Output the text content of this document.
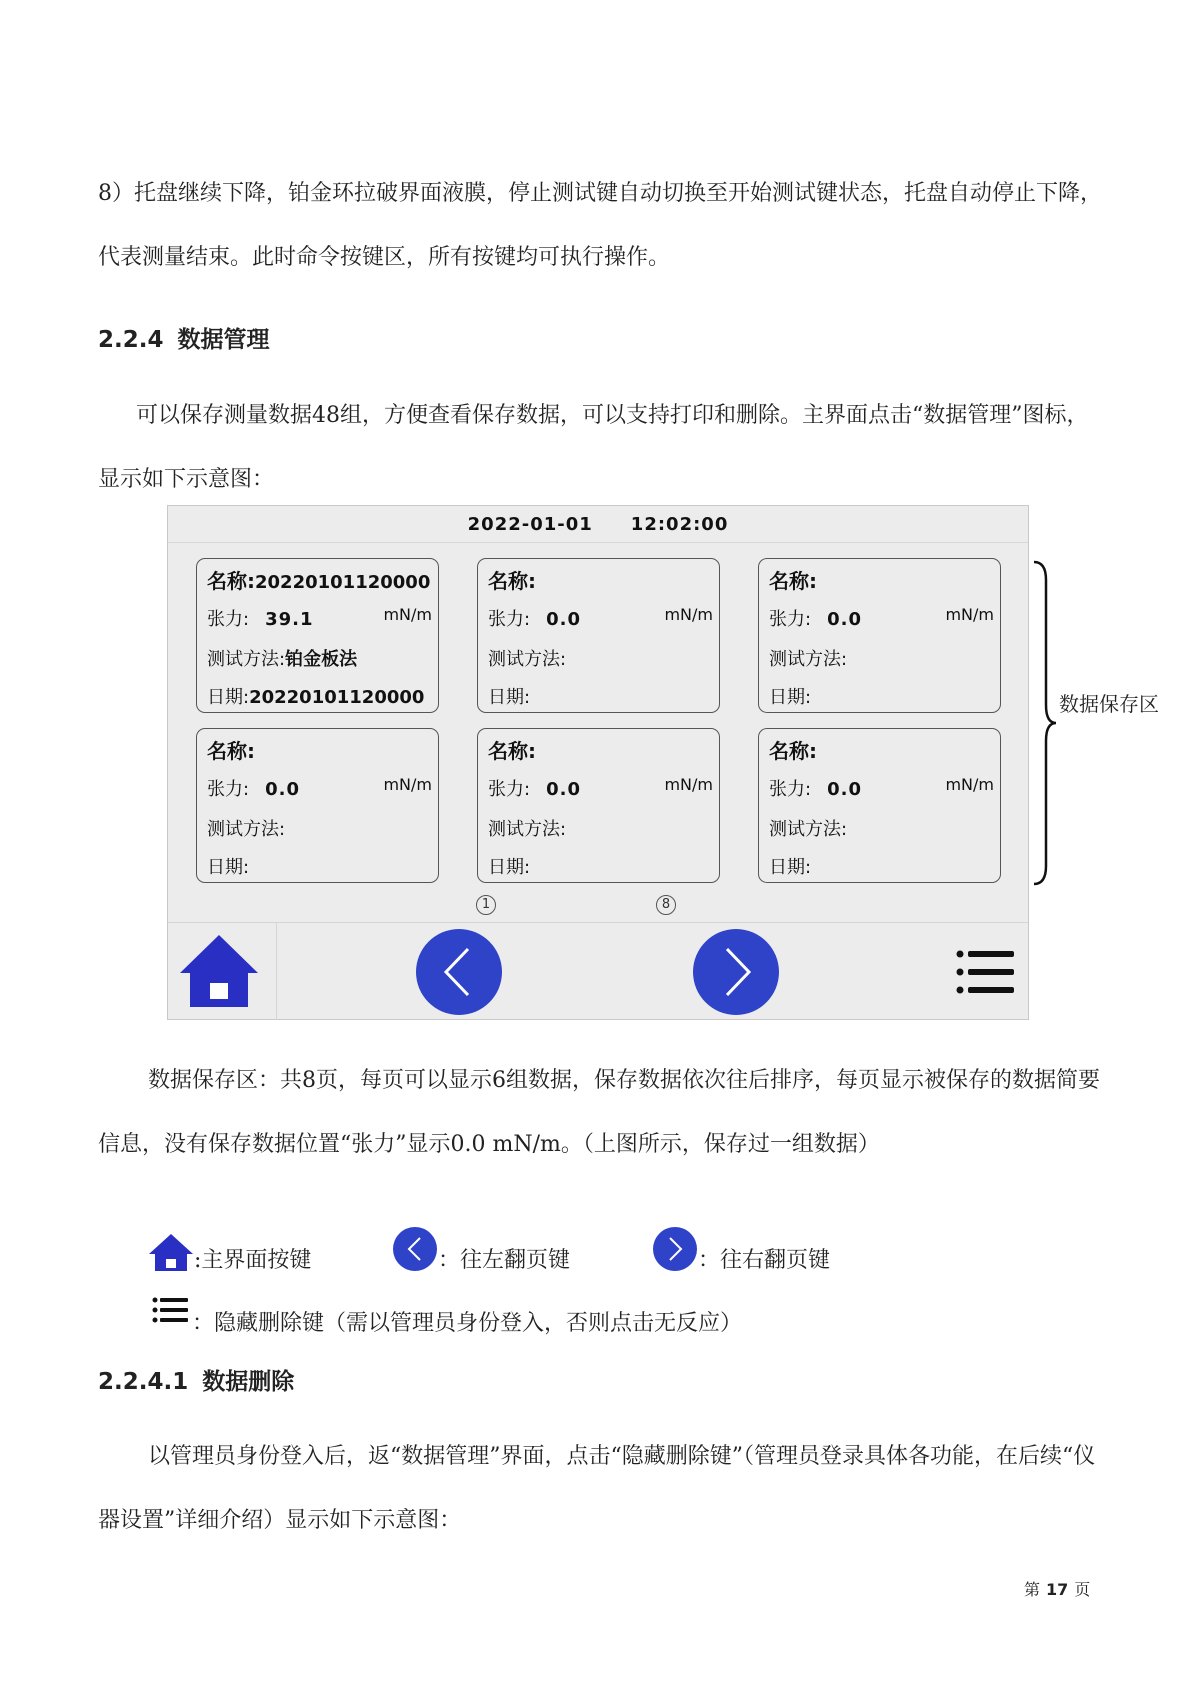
8）托盘继续下降，铂金环拉破界面液膜，停止测试键自动切换至开始测试键状态，托盘自动停止下降，代表测量结束。此时命令按键区，所有按键均可执行操作。

2.2.4 数据管理

可以保存测量数据48组，方便查看保存数据，可以支持打印和删除。主界面点击“数据管理”图标，显示如下示意图：

2022-01-01 12:02:00
名称:20220101120000
张力: 39.1	mN/m
测试方法:铂金板法
日期:20220101120000
名称:
张力: 0.0	mN/m
测试方法:
日期:
名称:
张力: 0.0	mN/m
测试方法:
日期:
名称:
张力: 0.0	mN/m
测试方法:
日期:
名称:
张力: 0.0	mN/m
测试方法:
日期:
名称:
张力: 0.0	mN/m
测试方法:
日期:
1	8
数据保存区

数据保存区：共8页，每页可以显示6组数据，保存数据依次往后排序，每页显示被保存的数据简要信息，没有保存数据位置“张力”显示0.0 mN/m。（上图所示，保存过一组数据）

:主界面按键	：往左翻页键	：往右翻页键
：隐藏删除键（需以管理员身份登入，否则点击无反应）
2.2.4.1 数据删除

以管理员身份登入后，返“数据管理”界面，点击“隐藏删除键”（管理员登录具体各功能，在后续“仪器设置”详细介绍）显示如下示意图：

第 17 页
